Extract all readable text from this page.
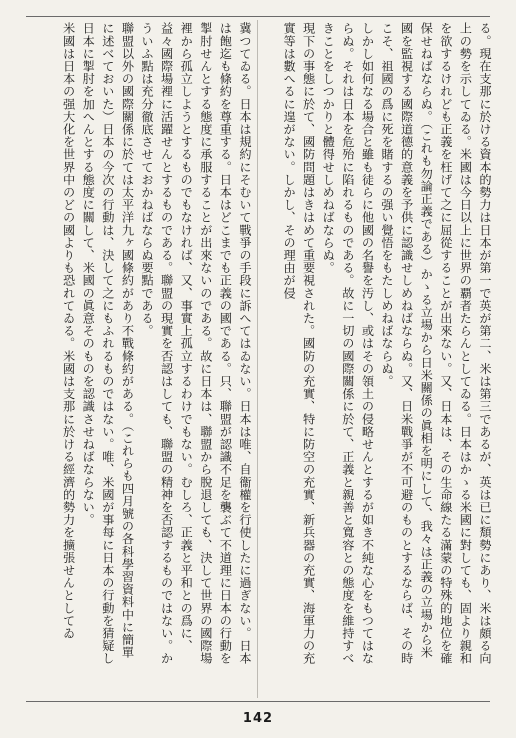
る。現在支那に於ける資本的勢力は日本が第一で英が第二、米は第三であるが、英は已に頽勢にあり、米は頗る向上の勢を示してゐる。米國は今日以上に世界の覇者たらんとしてゐる。日本はかゝる米國に對しても、固より親和を欲するけれども正義を枉げて之に屈從することが出來ない。又、日本は、その生命線たる滿蒙の特殊的地位を確保せねばならぬ。（これも勿論正義である）かゝる立場から日米關係の眞相を明にして、我々は正義の立場から米國を監視する國際道德的意義を予供に認識せしめねばならぬ。又、日米戰爭が不可避のものとするならば、その時こそ、祖國の爲に死を賭するの强い覺悟をもたしめねばならぬ。

しかし如何なる場合と雖も徒らに他國の名譽を汚し、或はその領土の侵略せんとするが如き不純な心をもつてはならぬ。それは日本を危殆に陷れるものである。故に一切の國際關係に於て、正義と親善と寬容との態度を維持すべきことをしつかりと體得せしめねばならぬ。

現下の事態に於て、國防問題はきはめて重要視された。國防の充實、特に防空の充實、新兵器の充實、海軍力の充實等は數へるに遑がない。しかし、その理由が侵

冀つてゐる。日本は規約にそむいて戰爭の手段に訴へてはゐない。日本は唯、自衞權を行使したに過ぎない。日本は飽迄も條約を尊重する。日本はどこまでも正義の國である。只、聯盟が認識不足を襲ぶて不道理に日本の行動を掣肘せんとする態度に承服することが出來ないのである。故に日本は、聯盟から脫退しても、決して世界の國際場裡から孤立しようとするものでもなければ、又、事實上孤立するわけでもない。むしろ、正義と平和との爲に、益々國際場裡に活躍せんとするものである。聯盟の現實を否認はしても、聯盟の精神を否認するものではない。かういふ點は充分徹底させておかねばならぬ要點である。

聯盟以外の國際關係に於ては太平洋九ヶ國條約があり不戰條約がある。（これらも四月號の各科學習資料中に簡單に述べておいた）日本の今次の行動は、決して之にもふれるものではない。唯、米國が事每に日本の行動を猜疑し日本に掣肘を加へんとする態度に關して、米國の眞意そのものを認識させねばならない。

米國は日本の强大化を世界中のどの國よりも恐れてゐる。米國は支那に於ける經濟的勢力を擴張せんとしてゐ

142
